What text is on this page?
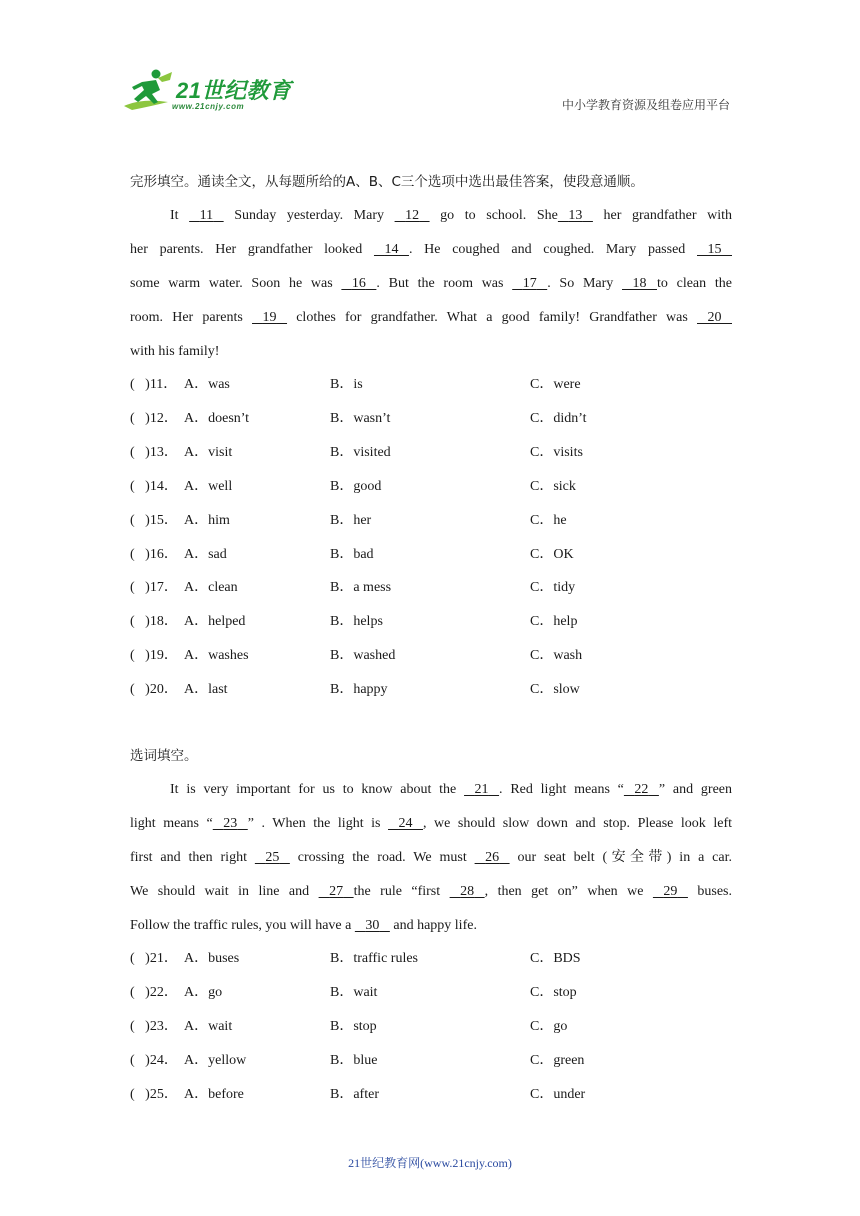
21世纪教育
www.21cnjy.com	中小学教育资源及组卷应用平台
完形填空。通读全文，从每题所给的A、B、C三个选项中选出最佳答案，使段意通顺。
It 11 Sunday yesterday. Mary 12 go to school. She 13 her grandfather with
her parents. Her grandfather looked 14 . He coughed and coughed. Mary passed 15
some warm water. Soon he was 16 . But the room was 17 . So Mary 18 to clean the
room. Her parents 19 clothes for grandfather. What a good family! Grandfather was 20
with his family!
(  )11． A．was	B．is	C．were
(  )12． A．doesn’t	B．wasn’t	C．didn’t
(  )13． A．visit	B．visited	C．visits
(  )14． A．well	B．good	C．sick
(  )15． A．him	B．her	C．he
(  )16． A．sad	B．bad	C．OK
(  )17． A．clean	B．a mess	C．tidy
(  )18． A．helped	B．helps	C．help
(  )19． A．washes	B．washed	C．wash
(  )20． A．last	B．happy	C．slow
选词填空。
It is very important for us to know about the 21 . Red light means “ 22 ” and green
light means “ 23 ” . When the light is 24 , we should slow down and stop. Please look left
first and then right 25 crossing the road. We must 26 our seat belt (安全带) in a car.
We should wait in line and 27 the rule “first 28 , then get on” when we 29 buses.
Follow the traffic rules, you will have a 30 and happy life.
(  )21． A．buses	B．traffic rules	C．BDS
(  )22． A．go	B．wait	C．stop
(  )23． A．wait	B．stop	C．go
(  )24． A．yellow	B．blue	C．green
(  )25． A．before	B．after	C．under
21世纪教育网(www.21cnjy.com)
